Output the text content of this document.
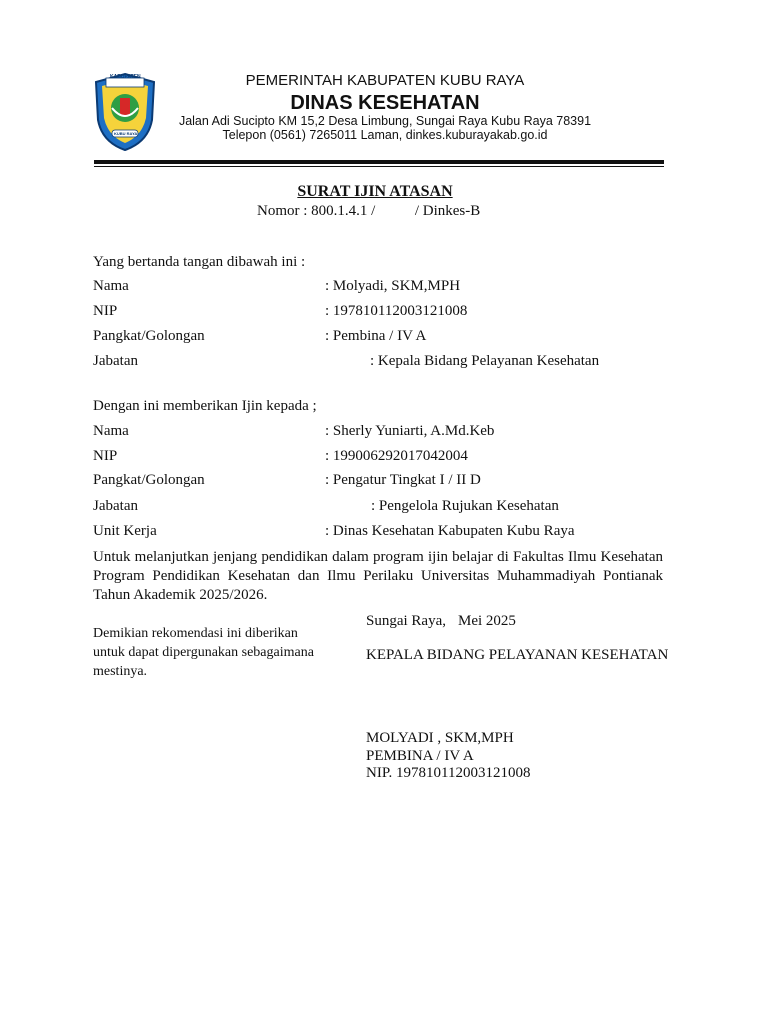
KABUPATEN
KUBU RAYA
PEMERINTAH KABUPATEN KUBU RAYA
DINAS KESEHATAN
Jalan Adi Sucipto KM 15,2 Desa Limbung, Sungai Raya Kubu Raya 78391
Telepon (0561) 7265011 Laman, dinkes.kuburayakab.go.id
SURAT IJIN ATASAN
Nomor : 800.1.4.1 /	/ Dinkes-B
Yang bertanda tangan dibawah ini :
Nama	: Molyadi, SKM,MPH
NIP	: 197810112003121008
Pangkat/Golongan	: Pembina / IV A
Jabatan	: Kepala Bidang Pelayanan Kesehatan
Dengan ini memberikan Ijin kepada ;
Nama	: Sherly Yuniarti, A.Md.Keb
NIP	: 199006292017042004
Pangkat/Golongan	: Pengatur Tingkat I / II D
Jabatan	: Pengelola Rujukan Kesehatan
Unit Kerja	: Dinas Kesehatan Kabupaten Kubu Raya
Untuk melanjutkan jenjang pendidikan dalam program ijin belajar di Fakultas Ilmu Kesehatan Program Pendidikan Kesehatan dan Ilmu Perilaku Universitas Muhammadiyah Pontianak Tahun Akademik 2025/2026.
Demikian rekomendasi ini diberikan
untuk dapat dipergunakan sebagaimana
mestinya.
Sungai Raya, Mei 2025
KEPALA BIDANG PELAYANAN KESEHATAN
MOLYADI , SKM,MPH
PEMBINA / IV A
NIP. 197810112003121008
